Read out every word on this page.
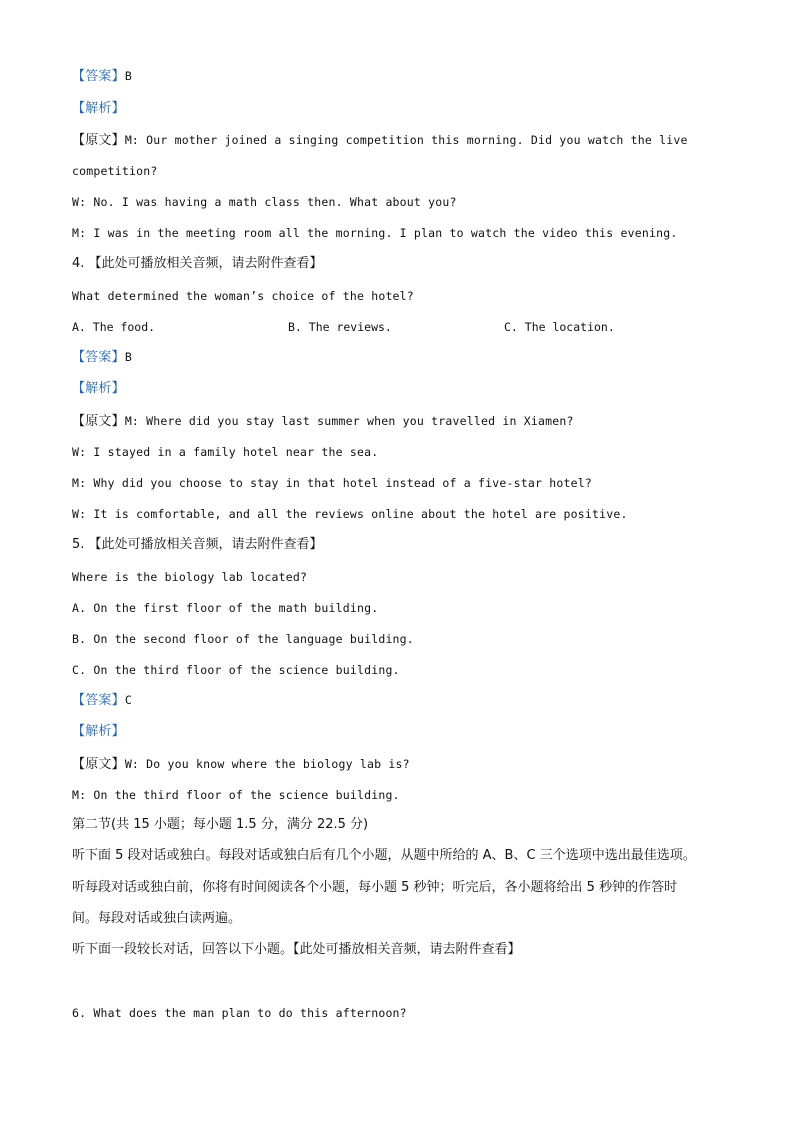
【答案】B
【解析】
【原文】M: Our mother joined a singing competition this morning. Did you watch the live
competition?
W: No. I was having a math class then. What about you?
M: I was in the meeting room all the morning. I plan to watch the video this evening.
4. 【此处可播放相关音频，请去附件查看】
What determined the woman’s choice of the hotel?
A. The food.	B. The reviews.	C. The location.
【答案】B
【解析】
【原文】M: Where did you stay last summer when you travelled in Xiamen?
W: I stayed in a family hotel near the sea.
M: Why did you choose to stay in that hotel instead of a five-star hotel?
W: It is comfortable, and all the reviews online about the hotel are positive.
5. 【此处可播放相关音频，请去附件查看】
Where is the biology lab located?
A. On the first floor of the math building.
B. On the second floor of the language building.
C. On the third floor of the science building.
【答案】C
【解析】
【原文】W: Do you know where the biology lab is?
M: On the third floor of the science building.
第二节(共 15 小题；每小题 1.5 分，满分 22.5 分)
听下面 5 段对话或独白。每段对话或独白后有几个小题，从题中所给的 A、B、C 三个选项中选出最佳选项。
听每段对话或独白前，你将有时间阅读各个小题，每小题 5 秒钟；听完后，各小题将给出 5 秒钟的作答时
间。每段对话或独白读两遍。
听下面一段较长对话，回答以下小题。【此处可播放相关音频，请去附件查看】
6. What does the man plan to do this afternoon?
